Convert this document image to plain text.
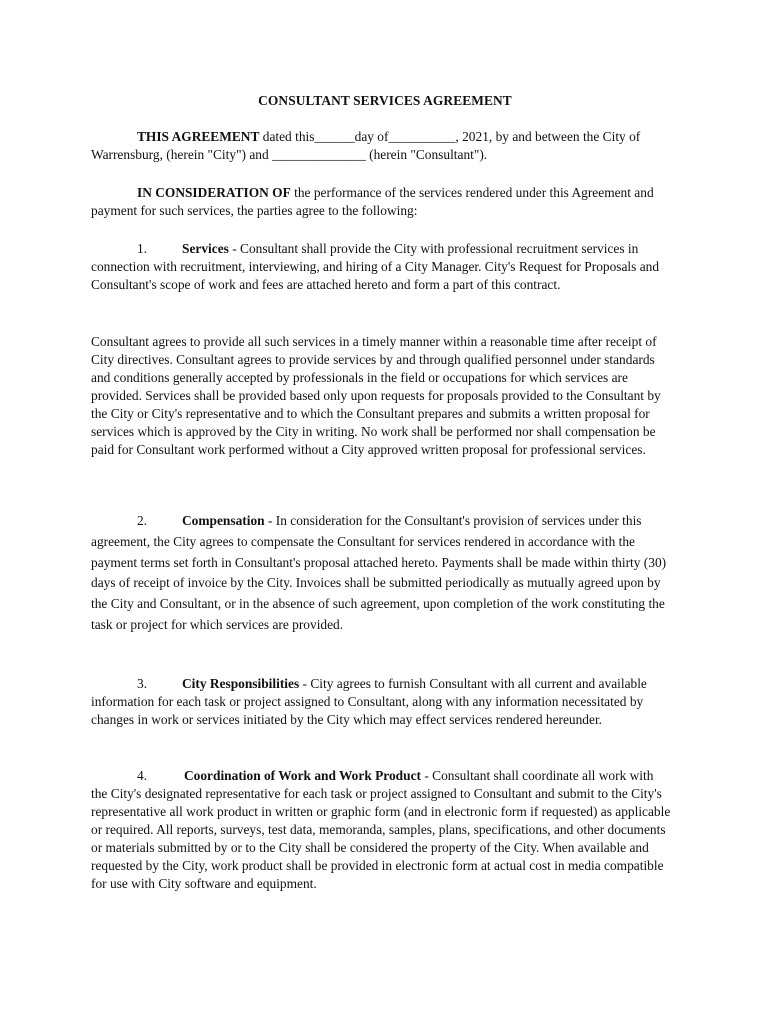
CONSULTANT SERVICES AGREEMENT

THIS AGREEMENT dated this______day of__________, 2021, by and between the City of Warrensburg, (herein "City") and ______________ (herein "Consultant").

IN CONSIDERATION OF the performance of the services rendered under this Agreement and payment for such services, the parties agree to the following:

1.	Services - Consultant shall provide the City with professional recruitment services in connection with recruitment, interviewing, and hiring of a City Manager. City's Request for Proposals and Consultant's scope of work and fees are attached hereto and form a part of this contract.

Consultant agrees to provide all such services in a timely manner within a reasonable time after receipt of City directives. Consultant agrees to provide services by and through qualified personnel under standards and conditions generally accepted by professionals in the field or occupations for which services are provided. Services shall be provided based only upon requests for proposals provided to the Consultant by the City or City's representative and to which the Consultant prepares and submits a written proposal for services which is approved by the City in writing. No work shall be performed nor shall compensation be paid for Consultant work performed without a City approved written proposal for professional services.

2.	Compensation - In consideration for the Consultant's provision of services under this agreement, the City agrees to compensate the Consultant for services rendered in accordance with the payment terms set forth in Consultant's proposal attached hereto. Payments shall be made within thirty (30) days of receipt of invoice by the City. Invoices shall be submitted periodically as mutually agreed upon by the City and Consultant, or in the absence of such agreement, upon completion of the work constituting the task or project for which services are provided.

3.	City Responsibilities - City agrees to furnish Consultant with all current and available information for each task or project assigned to Consultant, along with any information necessitated by changes in work or services initiated by the City which may effect services rendered hereunder.

4.	Coordination of Work and Work Product - Consultant shall coordinate all work with the City's designated representative for each task or project assigned to Consultant and submit to the City's representative all work product in written or graphic form (and in electronic form if requested) as applicable or required. All reports, surveys, test data, memoranda, samples, plans, specifications, and other documents or materials submitted by or to the City shall be considered the property of the City. When available and requested by the City, work product shall be provided in electronic form at actual cost in media compatible for use with City software and equipment.
